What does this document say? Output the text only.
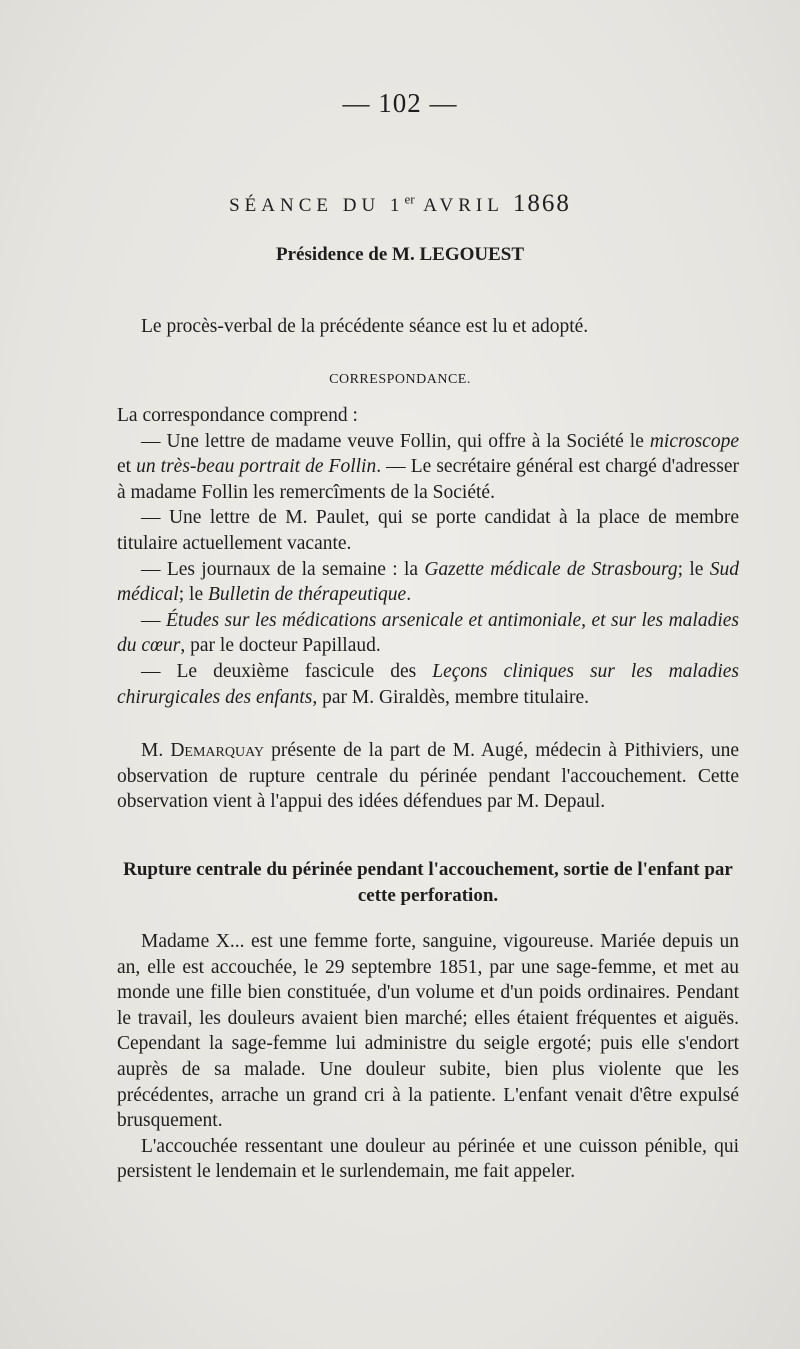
— 102 —
SÉANCE DU 1er AVRIL 1868
Présidence de M. LEGOUEST

Le procès-verbal de la précédente séance est lu et adopté.

CORRESPONDANCE.

La correspondance comprend :

— Une lettre de madame veuve Follin, qui offre à la Société le microscope et un très-beau portrait de Follin. — Le secrétaire général est chargé d'adresser à madame Follin les remercîments de la Société.

— Une lettre de M. Paulet, qui se porte candidat à la place de membre titulaire actuellement vacante.

— Les journaux de la semaine : la Gazette médicale de Strasbourg; le Sud médical; le Bulletin de thérapeutique.

— Études sur les médications arsenicale et antimoniale, et sur les maladies du cœur, par le docteur Papillaud.

— Le deuxième fascicule des Leçons cliniques sur les maladies chirurgicales des enfants, par M. Giraldès, membre titulaire.

M. Demarquay présente de la part de M. Augé, médecin à Pithiviers, une observation de rupture centrale du périnée pendant l'accouchement. Cette observation vient à l'appui des idées défendues par M. Depaul.

Rupture centrale du périnée pendant l'accouchement, sortie de l'enfant par cette perforation.

Madame X... est une femme forte, sanguine, vigoureuse. Mariée depuis un an, elle est accouchée, le 29 septembre 1851, par une sage-femme, et met au monde une fille bien constituée, d'un volume et d'un poids ordinaires. Pendant le travail, les douleurs avaient bien marché; elles étaient fréquentes et aiguës. Cependant la sage-femme lui administre du seigle ergoté; puis elle s'endort auprès de sa malade. Une douleur subite, bien plus violente que les précédentes, arrache un grand cri à la patiente. L'enfant venait d'être expulsé brusquement.

L'accouchée ressentant une douleur au périnée et une cuisson pénible, qui persistent le lendemain et le surlendemain, me fait appeler.
